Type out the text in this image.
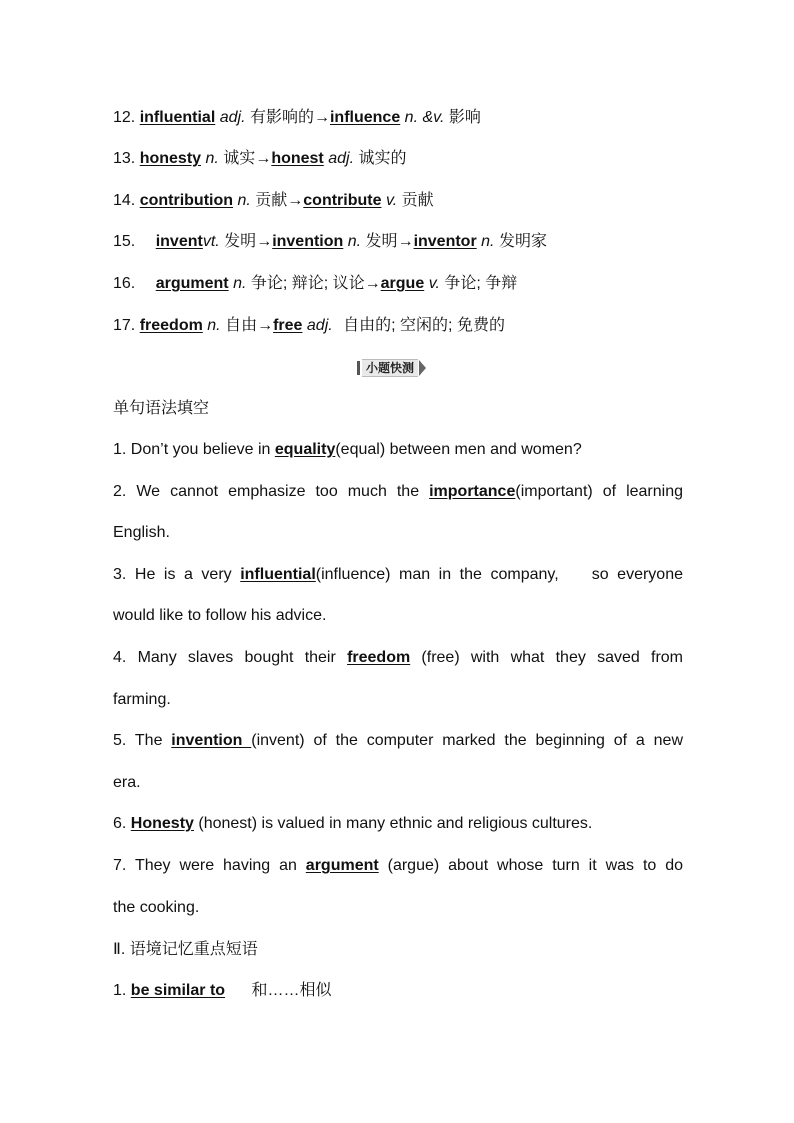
12. influential adj. 有影响的→influence n. &v. 影响
13. honesty n. 诚实→honest adj. 诚实的
14. contribution n. 贡献→contribute v. 贡献
15. inventvt. 发明→invention n. 发明→inventor n. 发明家
16. argument n. 争论; 辩论; 议论→argue v. 争论; 争辩
17. freedom n. 自由→free adj. 自由的; 空闲的; 免费的
小题快测
单句语法填空
1. Don’t you believe in equality(equal) between men and women?
2. We cannot emphasize too much the importance(important) of learning
English.
3. He is a very influential(influence) man in the company, so everyone
would like to follow his advice.
4. Many slaves bought their freedom (free) with what they saved from
farming.
5. The invention (invent) of the computer marked the beginning of a new
era.
6. Honesty (honest) is valued in many ethnic and religious cultures.
7. They were having an argument (argue) about whose turn it was to do
the cooking.
Ⅱ. 语境记忆重点短语
1. be similar to 和……相似
